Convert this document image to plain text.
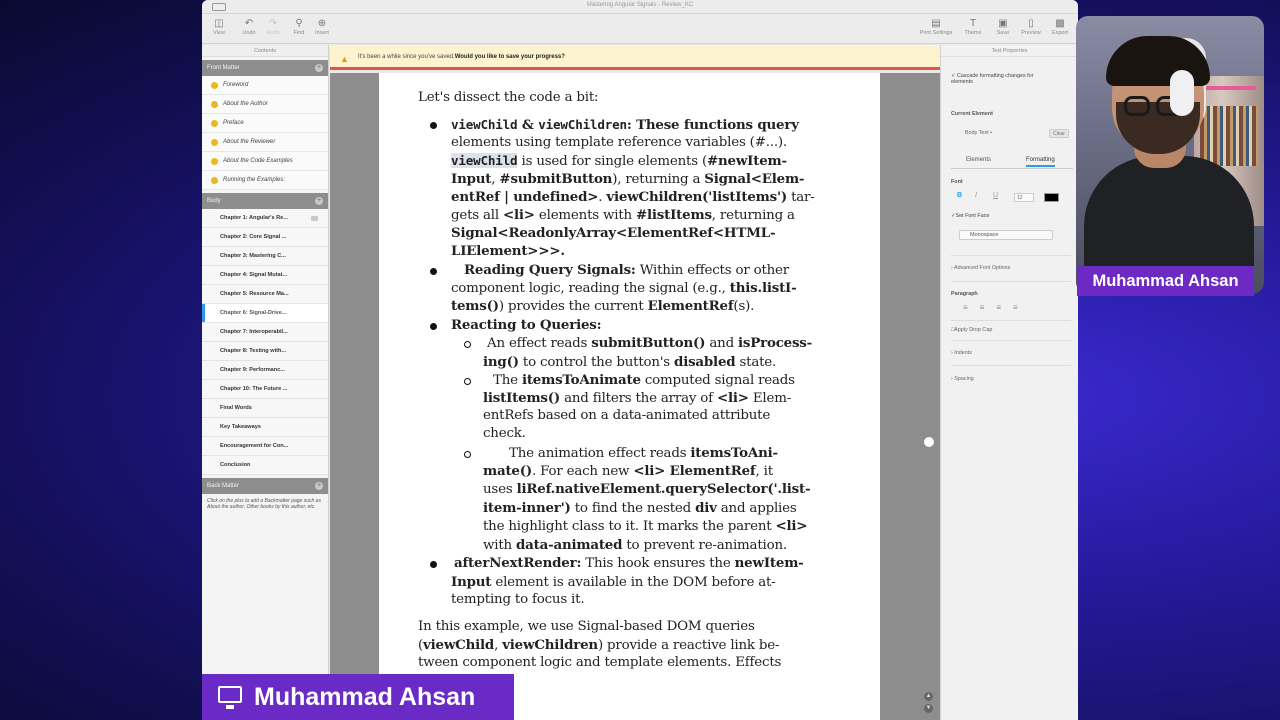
Mastering Angular Signals - Review_KC
◫
View
↶
Undo
↷
Redo
⚲
Find
⊕
Insert
▤
Print Settings
T
Theme
▣
Save
▯
Preview
▩
Export
Contents
Front Matter	+
Foreword
About the Author
Preface
About the Reviewer
About the Code Examples
Running the Examples:
Body	+
Chapter 1: Angular's Re...
Chapter 2: Core Signal ...
Chapter 3: Mastering C...
Chapter 4: Signal Mutat...
Chapter 5: Resource Ma...
Chapter 6: Signal-Drive...
Chapter 7: Interoperabil...
Chapter 8: Testing with...
Chapter 9: Performanc...
Chapter 10: The Future ...
Final Words
Key Takeaways
Encouragement for Con...
Conclusion
Back Matter	+
Click on the plus to add a Backmatter page such as About the author, Other books by this author, etc.
▲ It's been a while since you've saved.Would you like to save your progress?
Let's dissect the code a bit:
viewChild & viewChildren: These functions query
elements using template reference variables (#...).
viewChild is used for single elements (#newItem-
Input, #submitButton), returning a Signal<Elem-
entRef | undefined>. viewChildren('listItems') tar-
gets all <li> elements with #listItems, returning a
Signal<ReadonlyArray<ElementRef<HTML-
LIElement>>>.
Reading Query Signals: Within effects or other
component logic, reading the signal (e.g., this.listI-
tems()) provides the current ElementRef(s).
Reacting to Queries:
An effect reads submitButton() and isProcess-
ing() to control the button's disabled state.
The itemsToAnimate computed signal reads
listItems() and filters the array of <li> Elem-
entRefs based on a data-animated attribute
check.
The animation effect reads itemsToAni-
mate(). For each new <li> ElementRef, it
uses liRef.nativeElement.querySelector('.list-
item-inner') to find the nested div and applies
the highlight class to it. It marks the parent <li>
with data-animated to prevent re-animation.
afterNextRender: This hook ensures the newItem-
Input element is available in the DOM before at-
tempting to focus it.
In this example, we use Signal-based DOM queries
(viewChild, viewChildren) provide a reactive link be-
tween component logic and template elements. Effects
▲
▼
Text Properties
✓ Cascade formatting changes for elements
Current Element
Body Text •	Clear
Elements	Formatting
Font
B I U	12
✓Set Font Face
Monospace
› Advanced Font Options
Paragraph
≡≡≡≡
□Apply Drop Cap
› Indents
› Spacing
Muhammad Ahsan
Muhammad Ahsan
